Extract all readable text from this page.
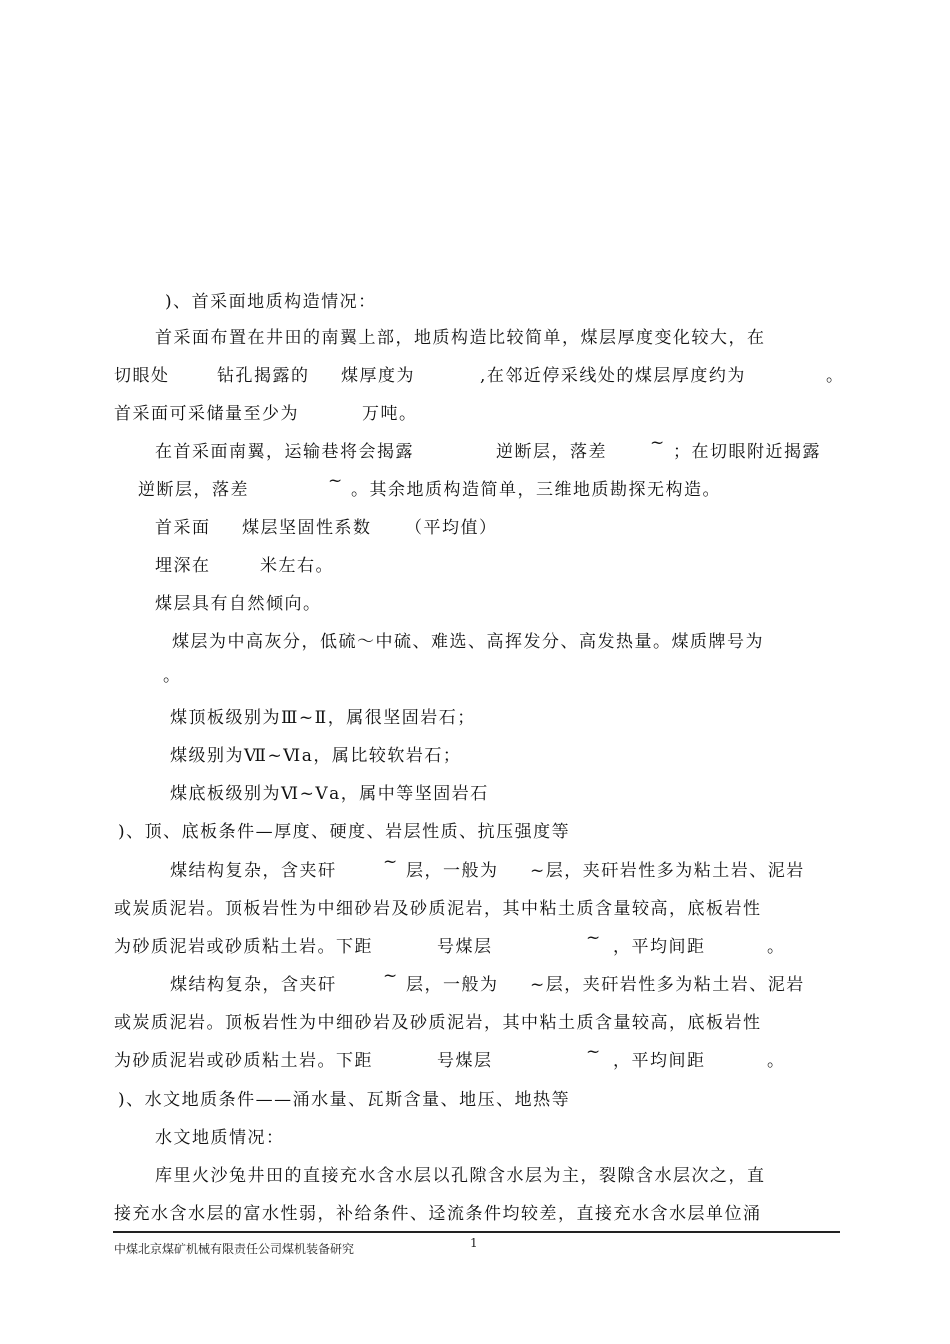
)、首采面地质构造情况：
首采面布置在井田的南翼上部，地质构造比较简单，煤层厚度变化较大，在
切眼处	钻孔揭露的 煤厚度为	,在邻近停采线处的煤层厚度约为	。
首采面可采储量至少为	万吨。
在首采面南翼，运输巷将会揭露	逆断层，落差	~ ；在切眼附近揭露
逆断层，落差	~ 。其余地质构造简单，三维地质勘探无构造。
首采面 煤层坚固性系数 （平均值）
埋深在	米左右。
煤层具有自然倾向。
煤层为中高灰分，低硫～中硫、难选、高挥发分、高发热量。煤质牌号为
。
煤顶板级别为Ⅲ~Ⅱ，属很坚固岩石；
煤级别为Ⅶ~Ⅵa，属比较软岩石；
煤底板级别为Ⅵ~Ⅴa，属中等坚固岩石
)、顶、底板条件—厚度、硬度、岩层性质、抗压强度等
煤结构复杂，含夹矸	~ 层，一般为 ~层，夹矸岩性多为粘土岩、泥岩
或炭质泥岩。顶板岩性为中细砂岩及砂质泥岩，其中粘土质含量较高，底板岩性
为砂质泥岩或砂质粘土岩。下距	号煤层	~ ，平均间距	。
煤结构复杂，含夹矸	~ 层，一般为 ~层，夹矸岩性多为粘土岩、泥岩
或炭质泥岩。顶板岩性为中细砂岩及砂质泥岩，其中粘土质含量较高，底板岩性
为砂质泥岩或砂质粘土岩。下距	号煤层	~ ，平均间距	。
)、水文地质条件——涌水量、瓦斯含量、地压、地热等
水文地质情况：
库里火沙兔井田的直接充水含水层以孔隙含水层为主，裂隙含水层次之，直
接充水含水层的富水性弱，补给条件、迳流条件均较差，直接充水含水层单位涌
中煤北京煤矿机械有限责任公司煤机装备研究	1
